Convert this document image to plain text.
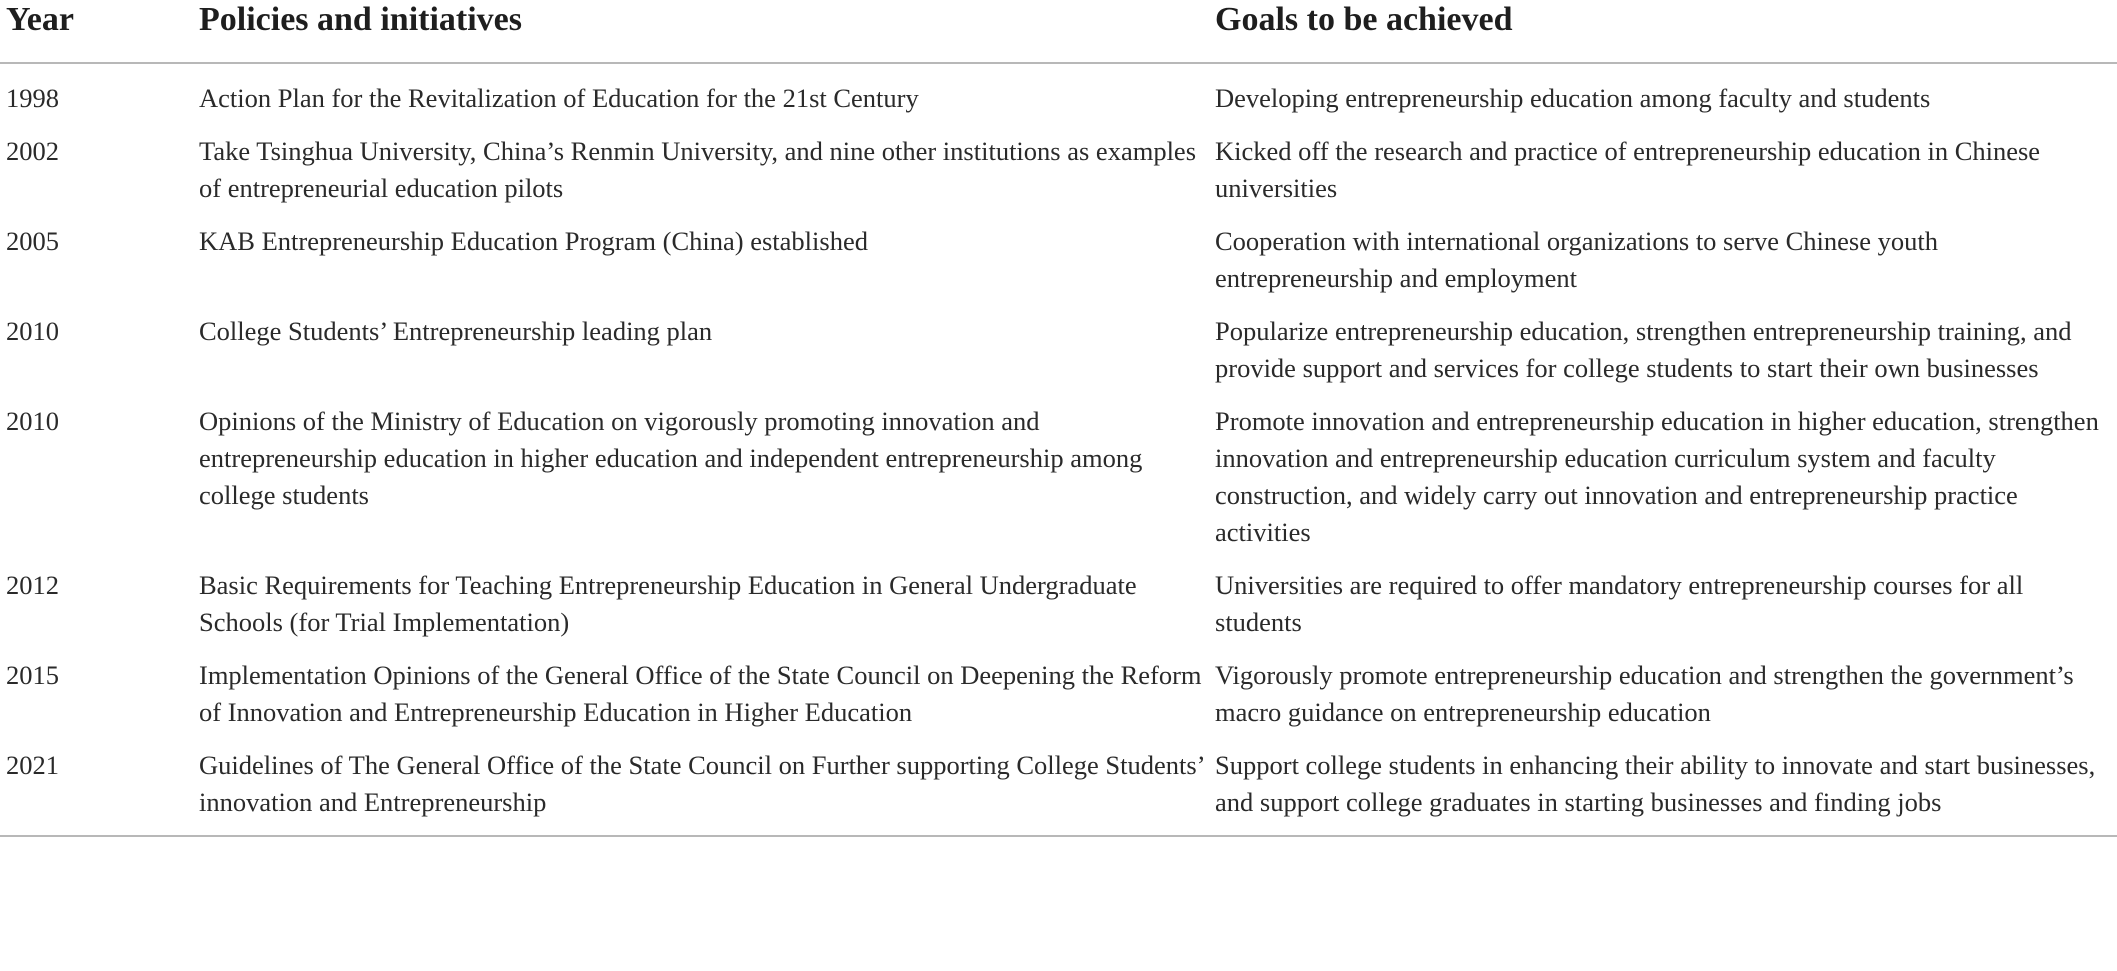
Year	Policies and initiatives	Goals to be achieved
1998	Action Plan for the Revitalization of Education for the 21st Century	Developing entrepreneurship education among faculty and students

2002	Take Tsinghua University, China’s Renmin University, and nine other institutions as examples of entrepreneurial education pilots	Kicked off the research and practice of entrepreneurship education in Chinese universities

2005	KAB Entrepreneurship Education Program (China) established	Cooperation with international organizations to serve Chinese youth entrepreneurship and employment

2010	College Students’ Entrepreneurship leading plan	Popularize entrepreneurship education, strengthen entrepreneurship training, and provide support and services for college students to start their own businesses

2010	Opinions of the Ministry of Education on vigorously promoting innovation and entrepreneurship education in higher education and independent entrepreneurship among college students	Promote innovation and entrepreneurship education in higher education, strengthen innovation and entrepreneurship education curriculum system and faculty construction, and widely carry out innovation and entrepreneurship practice activities

2012	Basic Requirements for Teaching Entrepreneurship Education in General Undergraduate Schools (for Trial Implementation)	Universities are required to offer mandatory entrepreneurship courses for all students

2015	Implementation Opinions of the General Office of the State Council on Deepening the Reform of Innovation and Entrepreneurship Education in Higher Education	Vigorously promote entrepreneurship education and strengthen the government’s macro guidance on entrepreneurship education

2021	Guidelines of The General Office of the State Council on Further supporting College Students’ innovation and Entrepreneurship	Support college students in enhancing their ability to innovate and start businesses, and support college graduates in starting businesses and finding jobs
